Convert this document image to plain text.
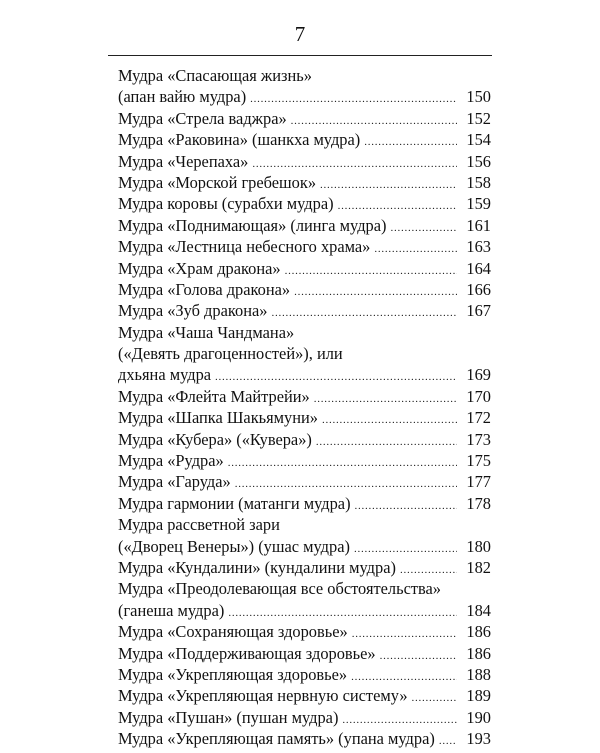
7
Мудра «Спасающая жизнь»
(апан вайю мудра) . . .	150
Мудра «Стрела ваджра» . . .	152
Мудра «Раковина» (шанкха мудра) . . .	154
Мудра «Черепаха» . . .	156
Мудра «Морской гребешок» . . .	158
Мудра коровы (сурабхи мудра) . . .	159
Мудра «Поднимающая» (линга мудра) . . .	161
Мудра «Лестница небесного храма» . . .	163
Мудра «Храм дракона» . . .	164
Мудра «Голова дракона» . . .	166
Мудра «Зуб дракона» . . .	167
Мудра «Чаша Чандмана»
(«Девять драгоценностей»), или
дхьяна мудра . . .	169
Мудра «Флейта Майтрейи» . . .	170
Мудра «Шапка Шакьямуни» . . .	172
Мудра «Кубера» («Кувера») . . .	173
Мудра «Рудра» . . .	175
Мудра «Гаруда» . . .	177
Мудра гармонии (матанги мудра) . . .	178
Мудра рассветной зари
(«Дворец Венеры») (ушас мудра) . . .	180
Мудра «Кундалини» (кундалини мудра) . . .	182
Мудра «Преодолевающая все обстоятельства»
(ганеша мудра) . . .	184
Мудра «Сохраняющая здоровье» . . .	186
Мудра «Поддерживающая здоровье» . . .	186
Мудра «Укрепляющая здоровье» . . .	188
Мудра «Укрепляющая нервную систему» . . .	189
Мудра «Пушан» (пушан мудра) . . .	190
Мудра «Укрепляющая память» (упана мудра) . . .	193
